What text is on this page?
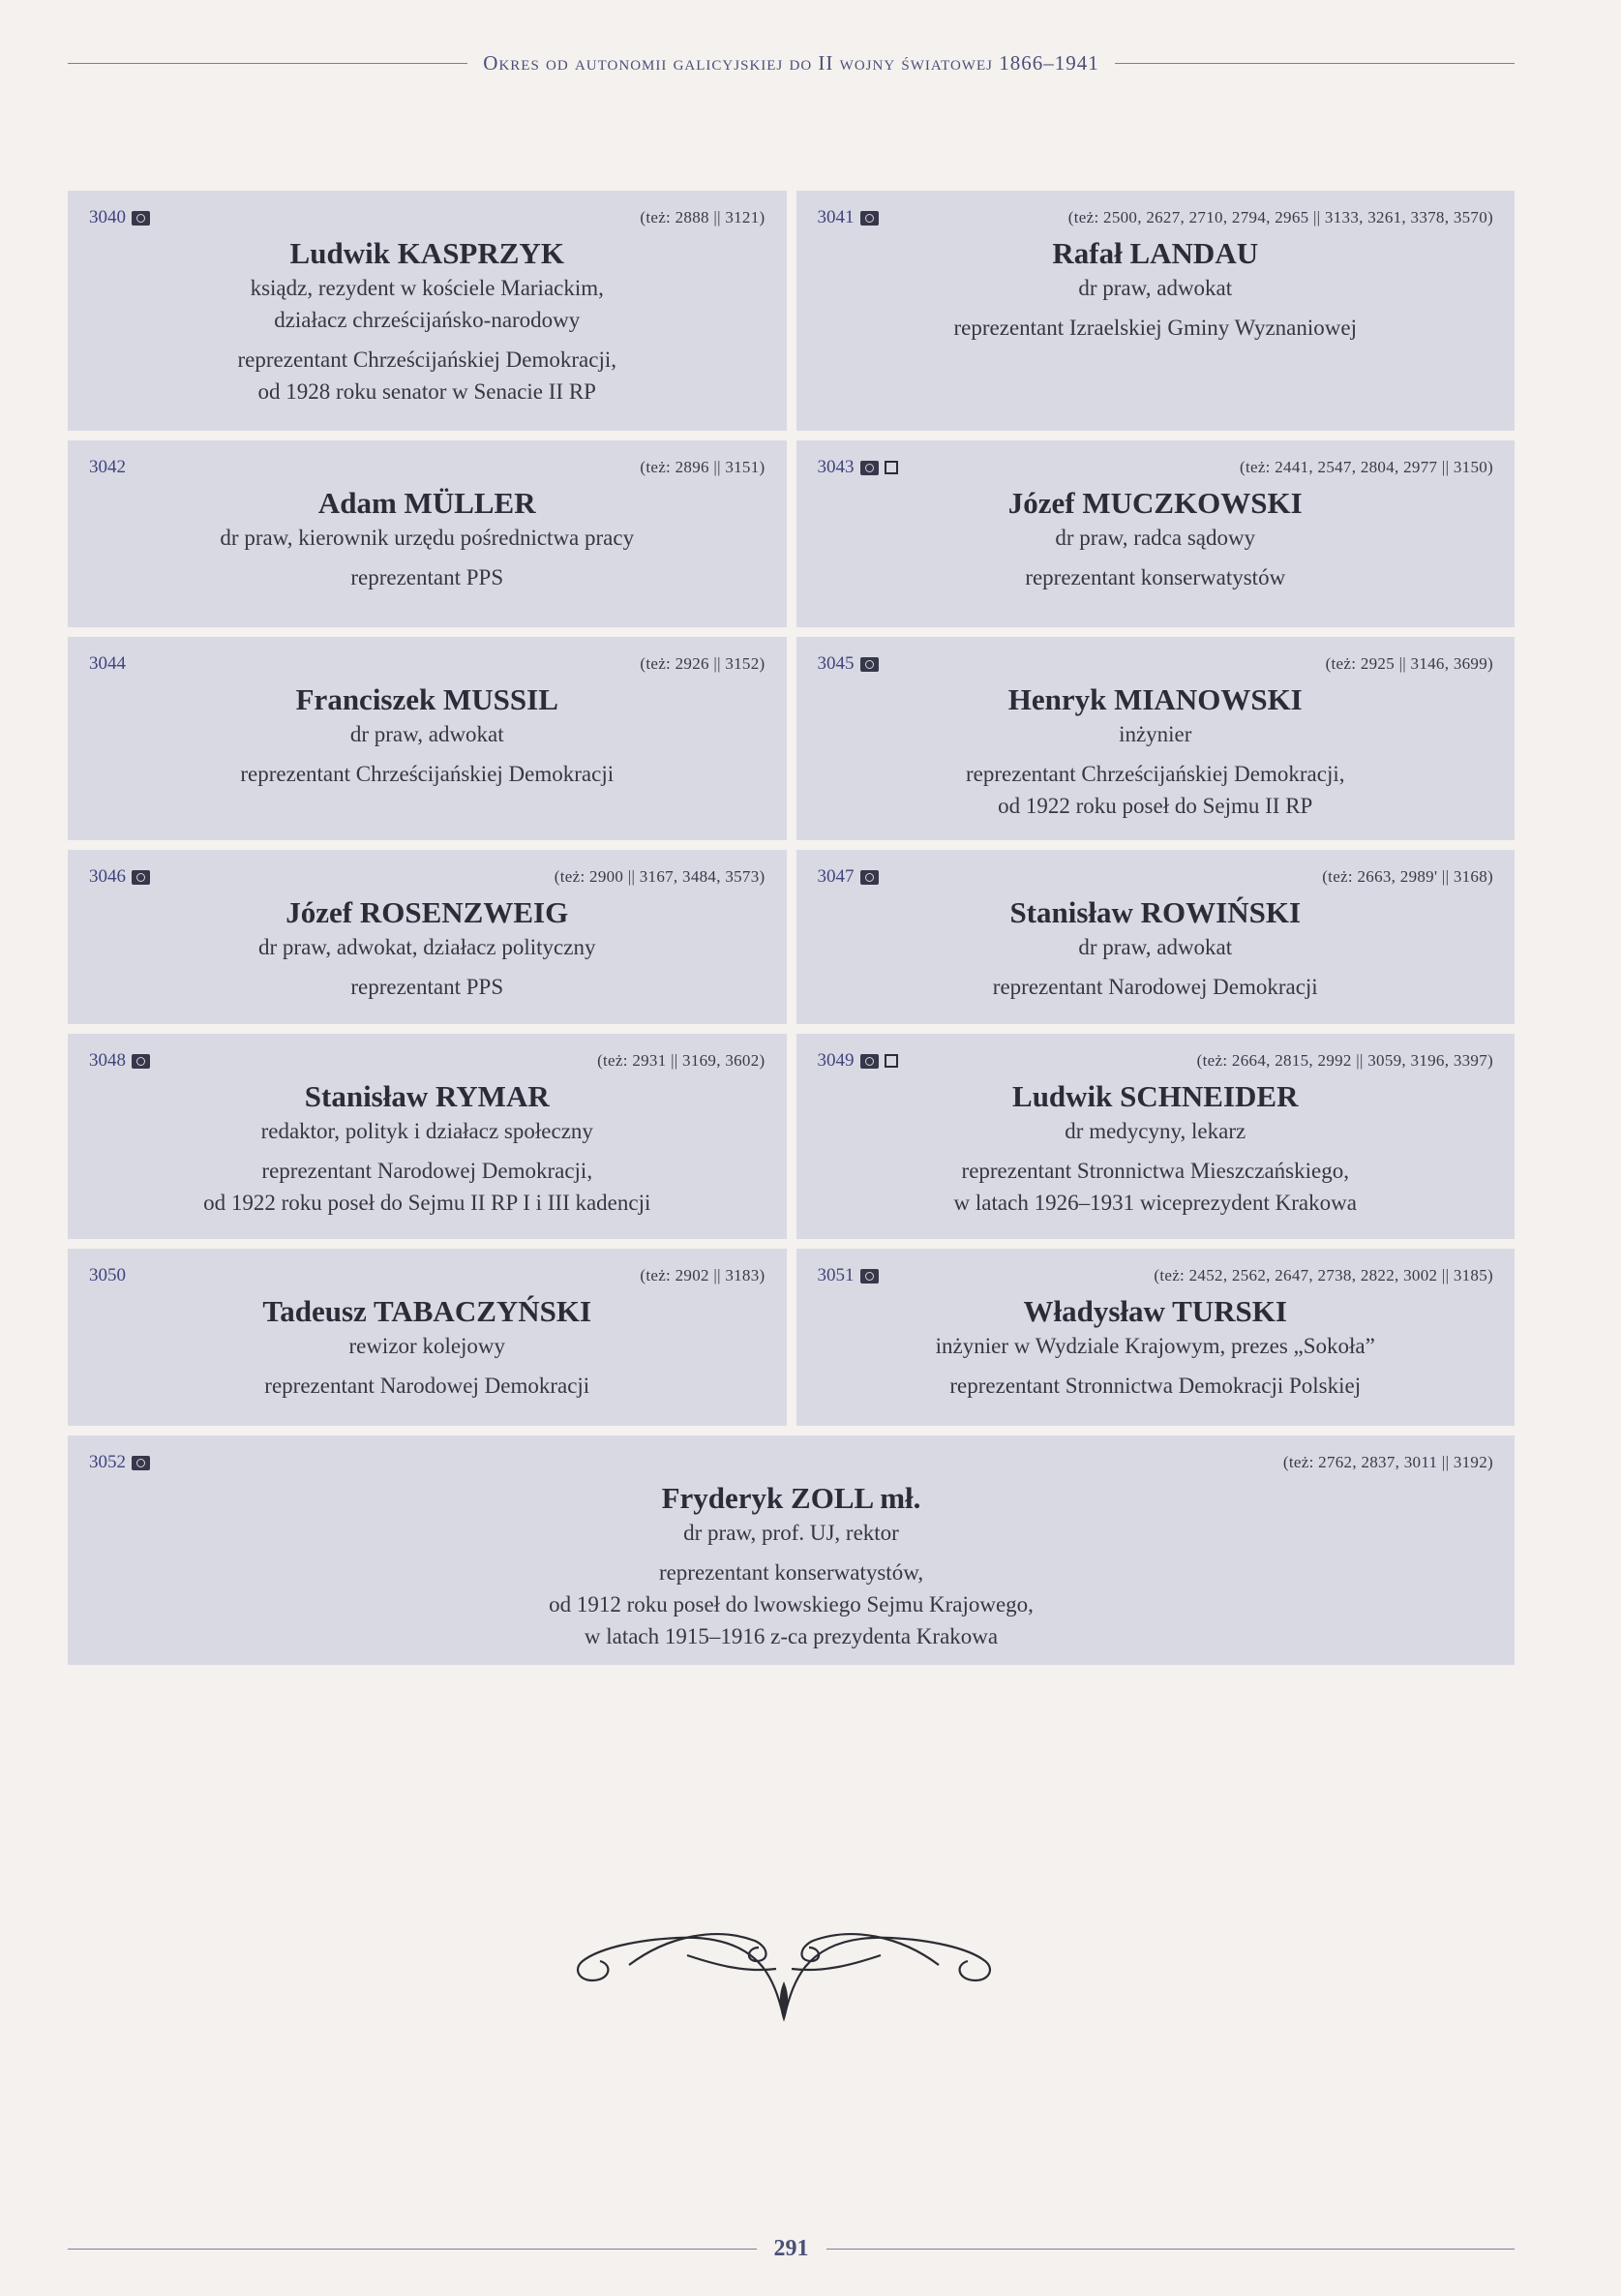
Okres od autonomii galicyjskiej do II wojny światowej 1866–1941
3040	(też: 2888 || 3121)
Ludwik KASPRZYK
ksiądz, rezydent w kościele Mariackim,
działacz chrześcijańsko-narodowy
reprezentant Chrześcijańskiej Demokracji,
od 1928 roku senator w Senacie II RP
3041	(też: 2500, 2627, 2710, 2794, 2965 || 3133, 3261, 3378, 3570)
Rafał LANDAU
dr praw, adwokat
reprezentant Izraelskiej Gminy Wyznaniowej
3042	(też: 2896 || 3151)
Adam MÜLLER
dr praw, kierownik urzędu pośrednictwa pracy
reprezentant PPS
3043	(też: 2441, 2547, 2804, 2977 || 3150)
Józef MUCZKOWSKI
dr praw, radca sądowy
reprezentant konserwatystów
3044	(też: 2926 || 3152)
Franciszek MUSSIL
dr praw, adwokat
reprezentant Chrześcijańskiej Demokracji
3045	(też: 2925 || 3146, 3699)
Henryk MIANOWSKI
inżynier
reprezentant Chrześcijańskiej Demokracji,
od 1922 roku poseł do Sejmu II RP
3046	(też: 2900 || 3167, 3484, 3573)
Józef ROSENZWEIG
dr praw, adwokat, działacz polityczny
reprezentant PPS
3047	(też: 2663, 2989' || 3168)
Stanisław ROWIŃSKI
dr praw, adwokat
reprezentant Narodowej Demokracji
3048	(też: 2931 || 3169, 3602)
Stanisław RYMAR
redaktor, polityk i działacz społeczny
reprezentant Narodowej Demokracji,
od 1922 roku poseł do Sejmu II RP I i III kadencji
3049	(też: 2664, 2815, 2992 || 3059, 3196, 3397)
Ludwik SCHNEIDER
dr medycyny, lekarz
reprezentant Stronnictwa Mieszczańskiego,
w latach 1926–1931 wiceprezydent Krakowa
3050	(też: 2902 || 3183)
Tadeusz TABACZYŃSKI
rewizor kolejowy
reprezentant Narodowej Demokracji
3051	(też: 2452, 2562, 2647, 2738, 2822, 3002 || 3185)
Władysław TURSKI
inżynier w Wydziale Krajowym, prezes „Sokoła”
reprezentant Stronnictwa Demokracji Polskiej
3052	(też: 2762, 2837, 3011 || 3192)
Fryderyk ZOLL mł.
dr praw, prof. UJ, rektor
reprezentant konserwatystów,
od 1912 roku poseł do lwowskiego Sejmu Krajowego,
w latach 1915–1916 z-ca prezydenta Krakowa
291
